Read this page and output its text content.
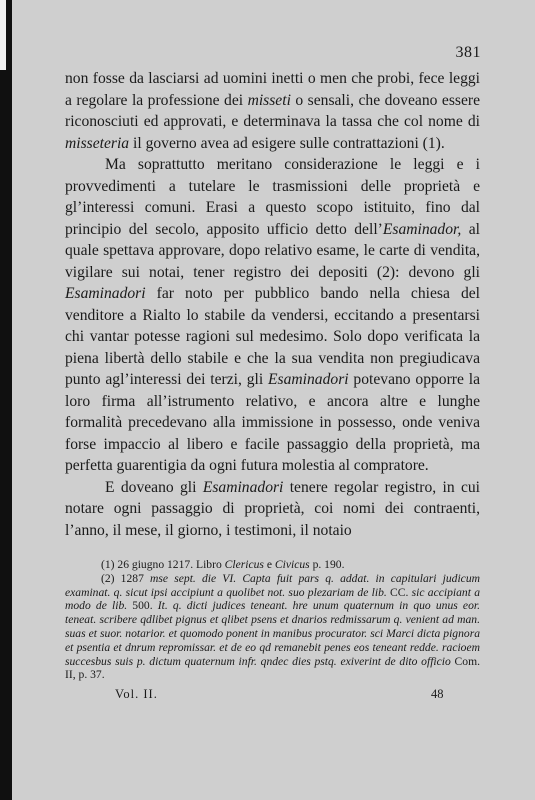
381

non fosse da lasciarsi ad uomini inetti o men che probi, fece leggi a regolare la professione dei misseti o sensali, che doveano essere riconosciuti ed approvati, e determinava la tassa che col nome di misseteria il governo avea ad esigere sulle contrattazioni (1).

Ma soprattutto meritano considerazione le leggi e i provvedimenti a tutelare le trasmissioni delle proprietà e gl’interessi comuni. Erasi a questo scopo istituito, fino dal principio del secolo, apposito ufficio detto dell’Esaminador, al quale spettava approvare, dopo relativo esame, le carte di vendita, vigilare sui notai, tener registro dei depositi (2): devono gli Esaminadori far noto per pubblico bando nella chiesa del venditore a Rialto lo stabile da vendersi, eccitando a presentarsi chi vantar potesse ragioni sul medesimo. Solo dopo verificata la piena libertà dello stabile e che la sua vendita non pregiudicava punto agl’interessi dei terzi, gli Esaminadori potevano opporre la loro firma all’istrumento relativo, e ancora altre e lunghe formalità precedevano alla immissione in possesso, onde veniva forse impaccio al libero e facile passaggio della proprietà, ma perfetta guarentigia da ogni futura molestia al compratore.

E doveano gli Esaminadori tenere regolar registro, in cui notare ogni passaggio di proprietà, coi nomi dei contraenti, l’anno, il mese, il giorno, i testimoni, il notaio

(1) 26 giugno 1217. Libro Clericus e Civicus p. 190.

(2) 1287 mse sept. die VI. Capta fuit pars q. addat. in capitulari judicum examinat. q. sicut ipsi accipiunt a quolibet not. suo plezariam de lib. CC. sic accipiant a modo de lib. 500. It. q. dicti judices teneant. hre unum quaternum in quo unus eor. teneat. scribere qdlibet pignus et qlibet psens et dnarios redmissarum q. venient ad man. suas et suor. notarior. et quomodo ponent in manibus procurator. sci Marci dicta pignora et psentia et dnrum repromissar. et de eo qd remanebit penes eos teneant redde. racioem succesbus suis p. dictum quaternum infr. qndec dies pstq. exiverint de dito officio Com. II, p. 37.

Vol. II.	48
